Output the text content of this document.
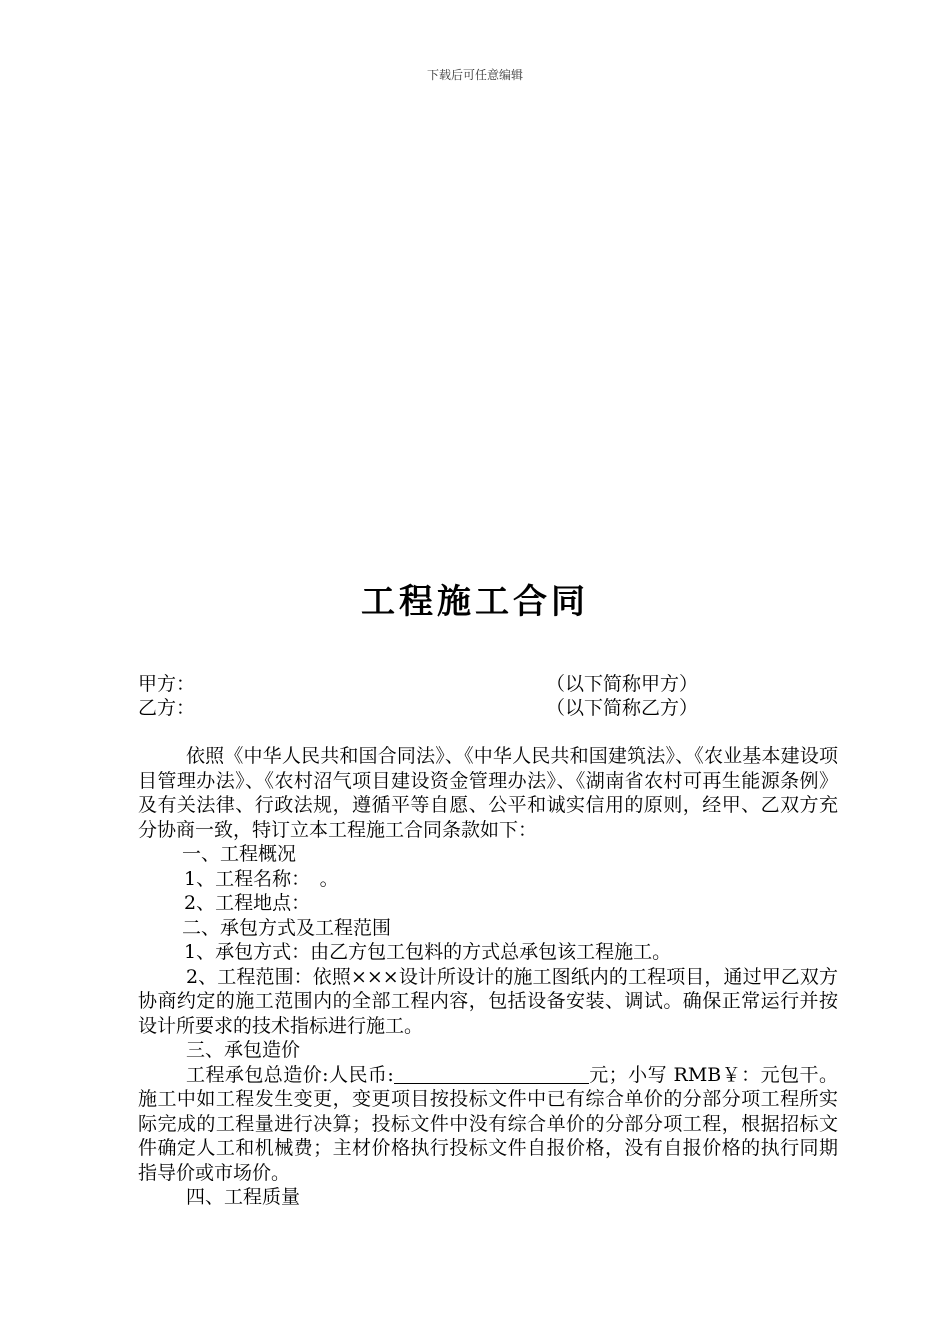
下载后可任意编辑
工程施工合同
甲方：	（以下简称甲方）
乙方：	（以下简称乙方）

依照《中华人民共和国合同法》、《中华人民共和国建筑法》、《农业基本建设项目管理办法》、《农村沼气项目建设资金管理办法》、《湖南省农村可再生能源条例》及有关法律、行政法规，遵循平等自愿、公平和诚实信用的原则，经甲、乙双方充分协商一致，特订立本工程施工合同条款如下：

一、工程概况

1、工程名称：　。

2、工程地点：

二、承包方式及工程范围

1、承包方式：由乙方包工包料的方式总承包该工程施工。

2、工程范围：依照×××设计所设计的施工图纸内的工程项目，通过甲乙双方协商约定的施工范围内的全部工程内容，包括设备安装、调试。确保正常运行并按设计所要求的技术指标进行施工。

三、承包造价

工程承包总造价:人民币:	元；小写 RMB￥：元包干。施工中如工程发生变更，变更项目按投标文件中已有综合单价的分部分项工程所实际完成的工程量进行决算；投标文件中没有综合单价的分部分项工程，根据招标文件确定人工和机械费；主材价格执行投标文件自报价格，没有自报价格的执行同期指导价或市场价。

四、工程质量
